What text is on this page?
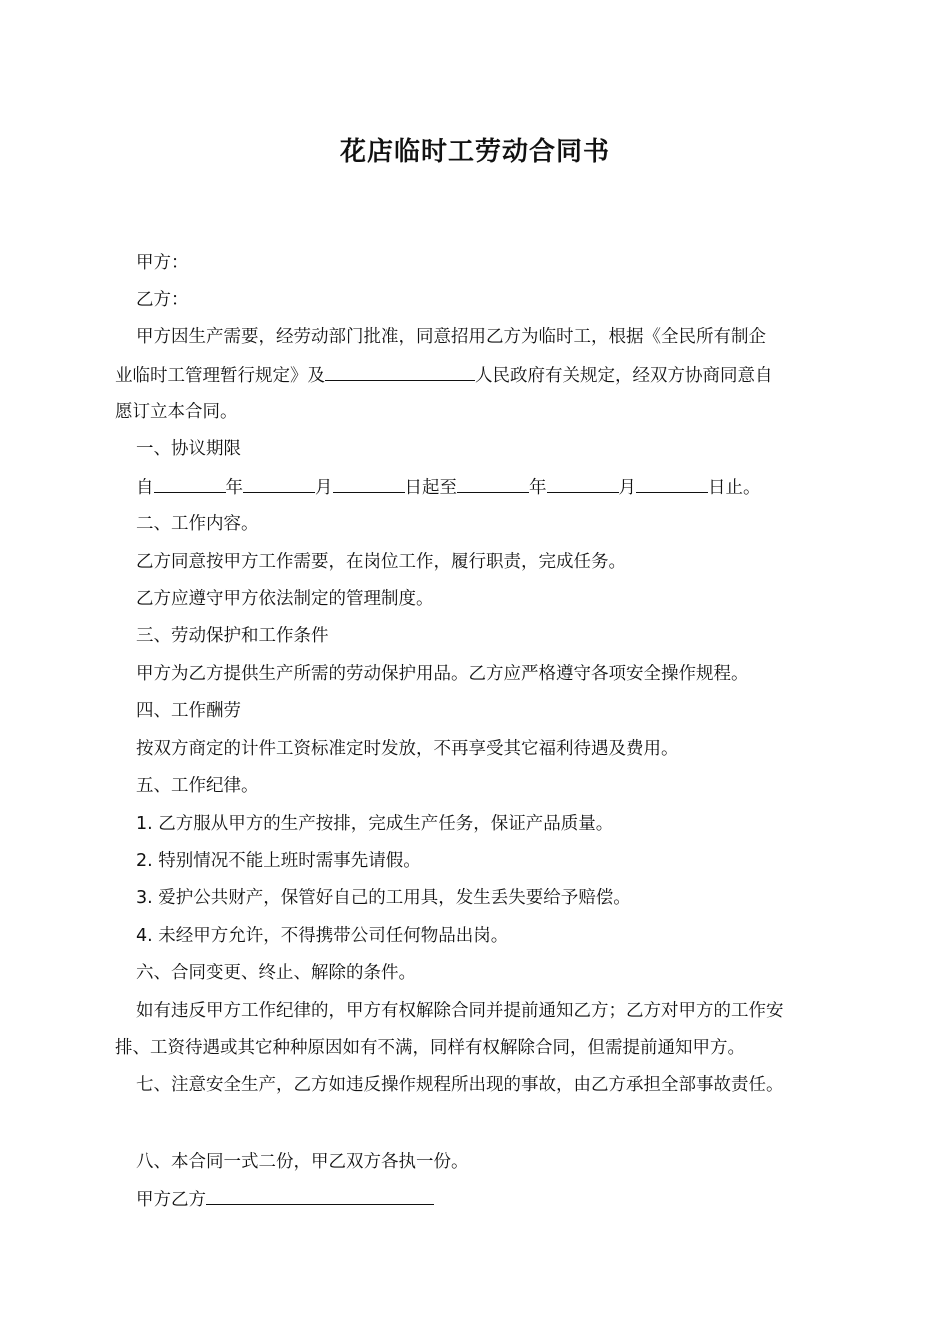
花店临时工劳动合同书

甲方：

乙方：

甲方因生产需要，经劳动部门批准，同意招用乙方为临时工，根据《全民所有制企

业临时工管理暂行规定》及	人民政府有关规定，经双方协商同意自

愿订立本合同。

一、协议期限

自	年	月	日起至	年	月	日止。

二、工作内容。

乙方同意按甲方工作需要，在岗位工作，履行职责，完成任务。

乙方应遵守甲方依法制定的管理制度。

三、劳动保护和工作条件

甲方为乙方提供生产所需的劳动保护用品。乙方应严格遵守各项安全操作规程。

四、工作酬劳

按双方商定的计件工资标准定时发放，不再享受其它福利待遇及费用。

五、工作纪律。

1. 乙方服从甲方的生产按排，完成生产任务，保证产品质量。

2. 特别情况不能上班时需事先请假。

3. 爱护公共财产，保管好自己的工用具，发生丢失要给予赔偿。

4. 未经甲方允许，不得携带公司任何物品出岗。

六、合同变更、终止、解除的条件。

如有违反甲方工作纪律的，甲方有权解除合同并提前通知乙方；乙方对甲方的工作安

排、工资待遇或其它种种原因如有不满，同样有权解除合同，但需提前通知甲方。

七、注意安全生产，乙方如违反操作规程所出现的事故，由乙方承担全部事故责任。

八、本合同一式二份，甲乙双方各执一份。

甲方乙方
